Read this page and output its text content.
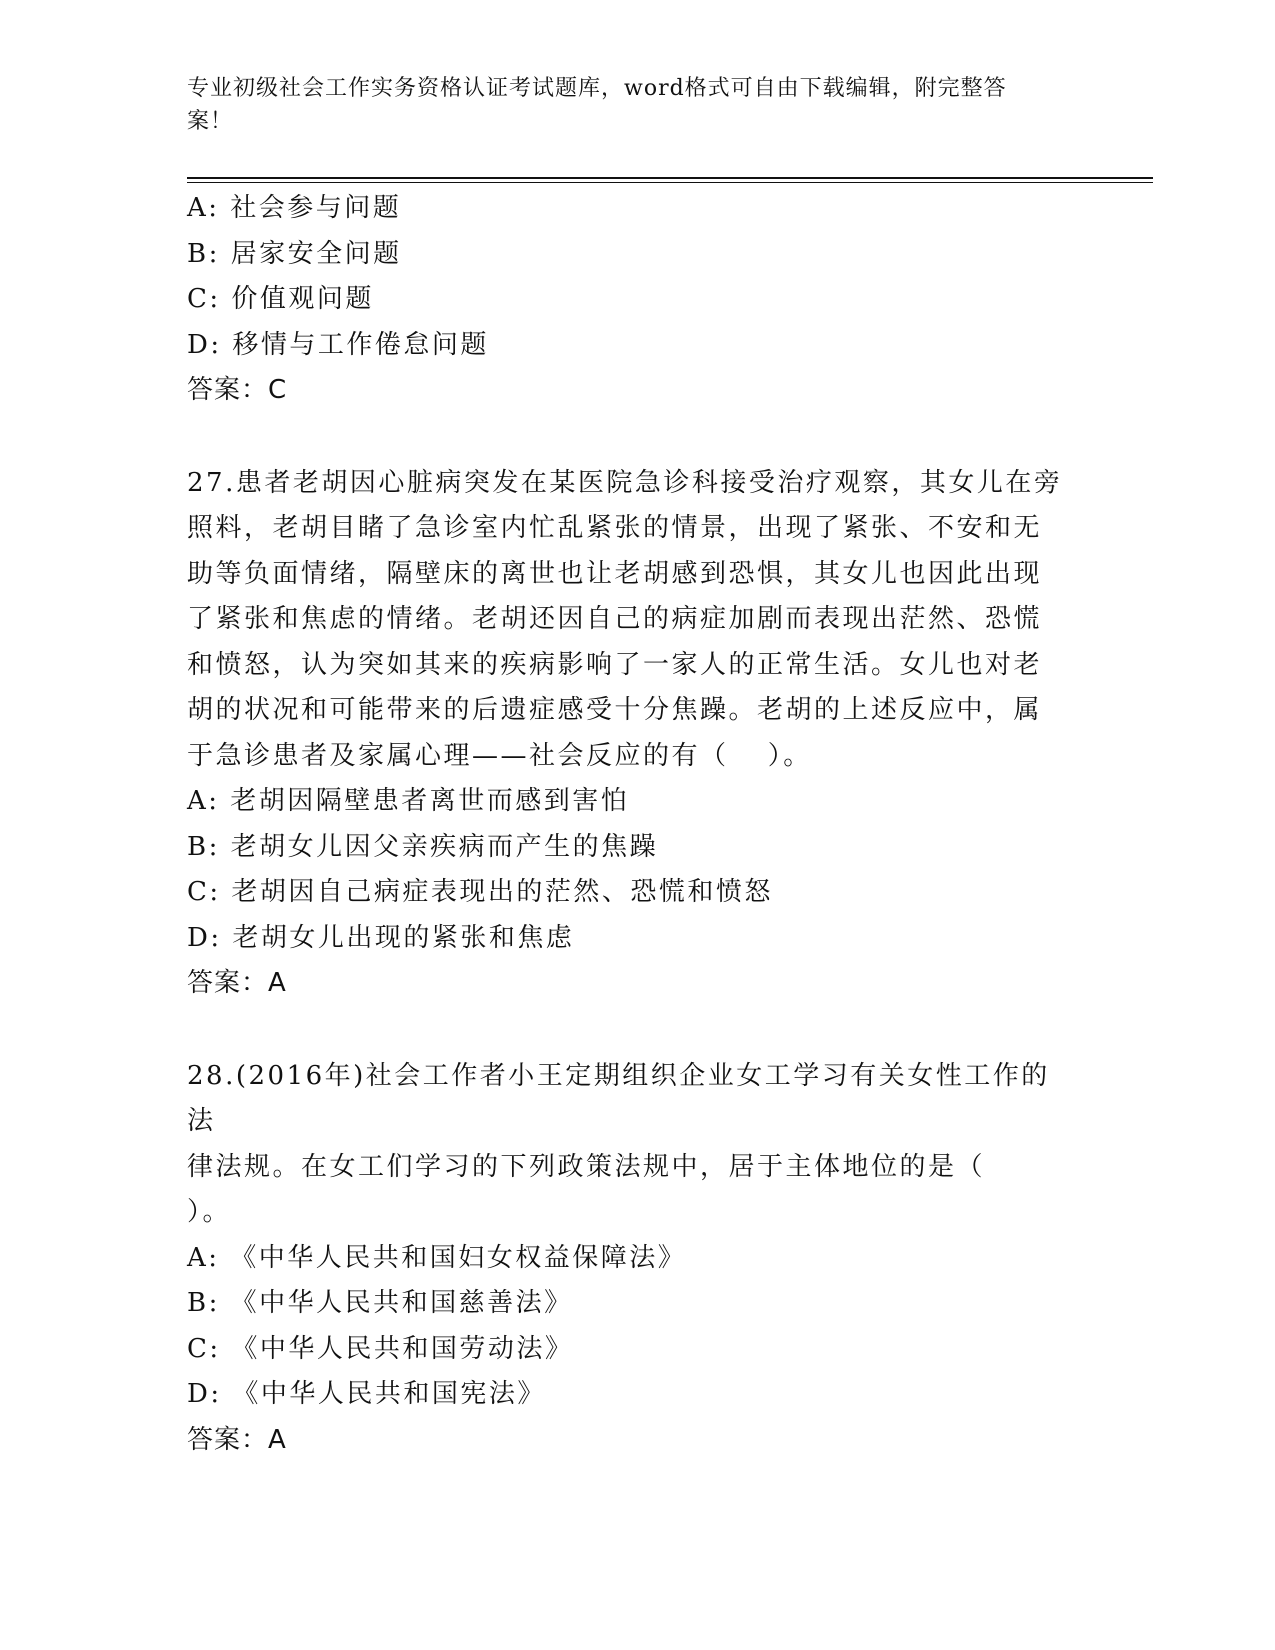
专业初级社会工作实务资格认证考试题库，word格式可自由下载编辑，附完整答
案！
A: 社会参与问题
B: 居家安全问题
C: 价值观问题
D: 移情与工作倦怠问题
答案：C
27.患者老胡因心脏病突发在某医院急诊科接受治疗观察，其女儿在旁
照料，老胡目睹了急诊室内忙乱紧张的情景，出现了紧张、不安和无
助等负面情绪，隔壁床的离世也让老胡感到恐惧，其女儿也因此出现
了紧张和焦虑的情绪。老胡还因自己的病症加剧而表现出茫然、恐慌
和愤怒，认为突如其来的疾病影响了一家人的正常生活。女儿也对老
胡的状况和可能带来的后遗症感受十分焦躁。老胡的上述反应中，属
于急诊患者及家属心理——社会反应的有（　 ）。
A: 老胡因隔壁患者离世而感到害怕
B: 老胡女儿因父亲疾病而产生的焦躁
C: 老胡因自己病症表现出的茫然、恐慌和愤怒
D: 老胡女儿出现的紧张和焦虑
答案：A
28.(2016年)社会工作者小王定期组织企业女工学习有关女性工作的法
律法规。在女工们学习的下列政策法规中，居于主体地位的是（
）。
A: 《中华人民共和国妇女权益保障法》
B: 《中华人民共和国慈善法》
C: 《中华人民共和国劳动法》
D: 《中华人民共和国宪法》
答案：A
